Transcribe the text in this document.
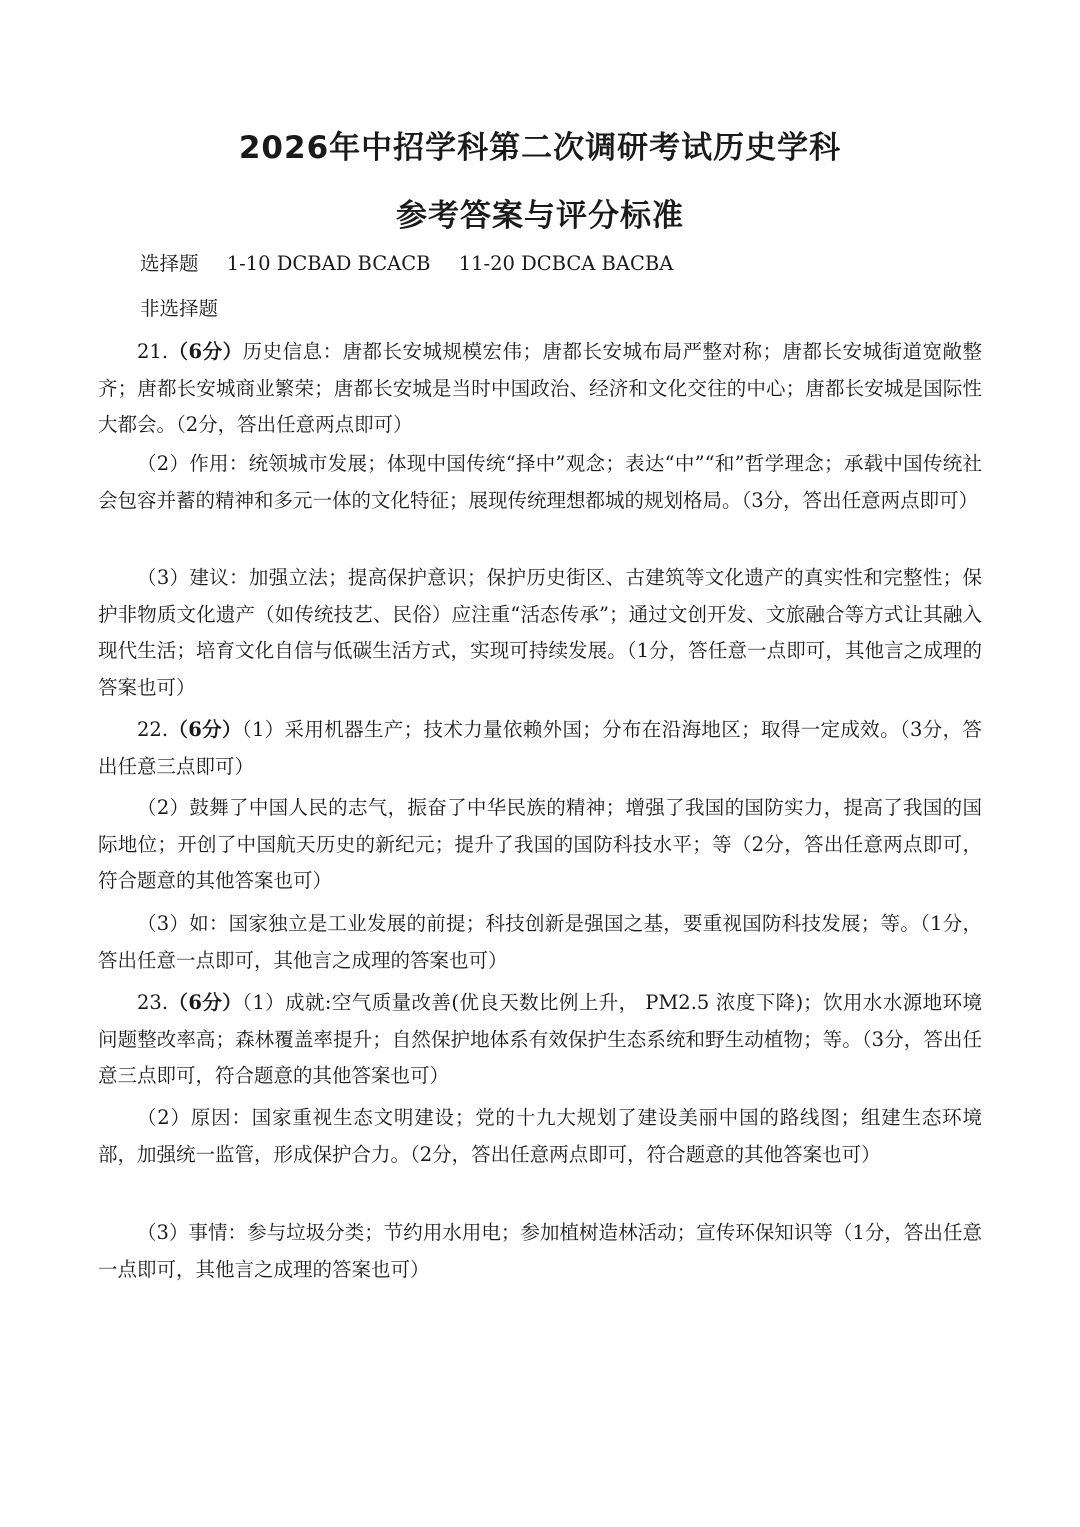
2026年中招学科第二次调研考试历史学科
参考答案与评分标准
选择题 1-10 DCBAD BCACB 11-20 DCBCA BACBA
非选择题
21.（6分）历史信息：唐都长安城规模宏伟；唐都长安城布局严整对称；唐都长安城街道宽敞整齐；唐都长安城商业繁荣；唐都长安城是当时中国政治、经济和文化交往的中心；唐都长安城是国际性大都会。（2分，答出任意两点即可）
（2）作用：统领城市发展；体现中国传统“择中”观念；表达“中”“和”哲学理念；承载中国传统社会包容并蓄的精神和多元一体的文化特征；展现传统理想都城的规划格局。（3分，答出任意两点即可）
（3）建议：加强立法；提高保护意识；保护历史街区、古建筑等文化遗产的真实性和完整性；保护非物质文化遗产（如传统技艺、民俗）应注重“活态传承”；通过文创开发、文旅融合等方式让其融入现代生活；培育文化自信与低碳生活方式，实现可持续发展。（1分，答任意一点即可，其他言之成理的答案也可）
22.（6分）（1）采用机器生产；技术力量依赖外国；分布在沿海地区；取得一定成效。（3分，答出任意三点即可）
（2）鼓舞了中国人民的志气，振奋了中华民族的精神；增强了我国的国防实力，提高了我国的国际地位；开创了中国航天历史的新纪元；提升了我国的国防科技水平；等（2分，答出任意两点即可，符合题意的其他答案也可）
（3）如：国家独立是工业发展的前提；科技创新是强国之基，要重视国防科技发展；等。（1分，答出任意一点即可，其他言之成理的答案也可）
23.（6分）（1）成就:空气质量改善(优良天数比例上升， PM2.5 浓度下降)；饮用水水源地环境问题整改率高；森林覆盖率提升；自然保护地体系有效保护生态系统和野生动植物；等。（3分，答出任意三点即可，符合题意的其他答案也可）
（2）原因：国家重视生态文明建设；党的十九大规划了建设美丽中国的路线图；组建生态环境部，加强统一监管，形成保护合力。（2分，答出任意两点即可，符合题意的其他答案也可）
（3）事情：参与垃圾分类；节约用水用电；参加植树造林活动；宣传环保知识等（1分，答出任意一点即可，其他言之成理的答案也可）
